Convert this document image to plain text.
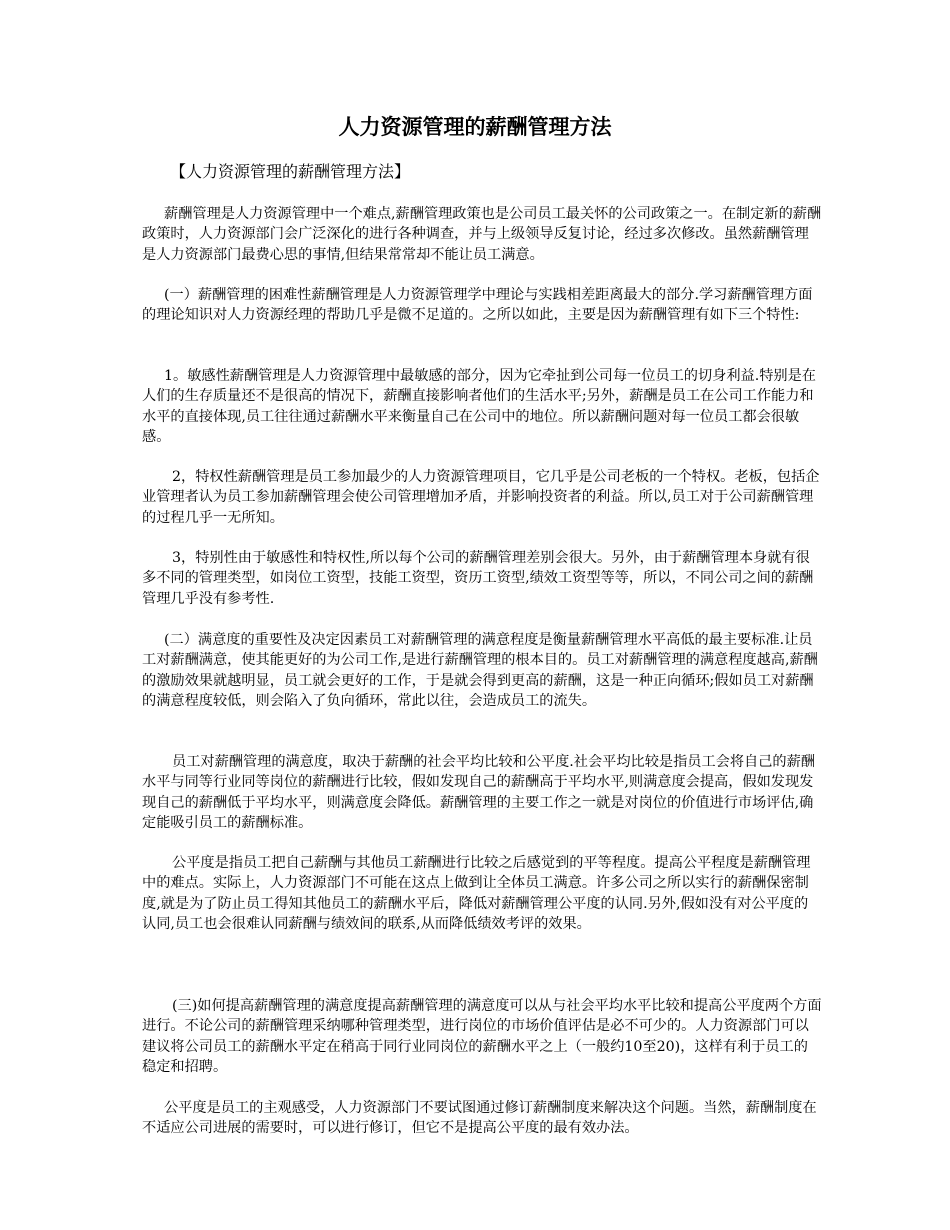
人力资源管理的薪酬管理方法

【人力资源管理的薪酬管理方法】

薪酬管理是人力资源管理中一个难点,薪酬管理政策也是公司员工最关怀的公司政策之一。在制定新的薪酬政策时，人力资源部门会广泛深化的进行各种调查，并与上级领导反复讨论，经过多次修改。虽然薪酬管理是人力资源部门最费心思的事情,但结果常常却不能让员工满意。

(一）薪酬管理的困难性薪酬管理是人力资源管理学中理论与实践相差距离最大的部分.学习薪酬管理方面的理论知识对人力资源经理的帮助几乎是微不足道的。之所以如此，主要是因为薪酬管理有如下三个特性:

1。敏感性薪酬管理是人力资源管理中最敏感的部分，因为它牵扯到公司每一位员工的切身利益.特别是在人们的生存质量还不是很高的情况下，薪酬直接影响者他们的生活水平;另外，薪酬是员工在公司工作能力和水平的直接体现,员工往往通过薪酬水平来衡量自己在公司中的地位。所以薪酬问题对每一位员工都会很敏感。

2，特权性薪酬管理是员工参加最少的人力资源管理项目，它几乎是公司老板的一个特权。老板，包括企业管理者认为员工参加薪酬管理会使公司管理增加矛盾，并影响投资者的利益。所以,员工对于公司薪酬管理的过程几乎一无所知。

3，特别性由于敏感性和特权性,所以每个公司的薪酬管理差别会很大。另外，由于薪酬管理本身就有很多不同的管理类型，如岗位工资型，技能工资型，资历工资型,绩效工资型等等，所以，不同公司之间的薪酬管理几乎没有参考性.

(二）满意度的重要性及决定因素员工对薪酬管理的满意程度是衡量薪酬管理水平高低的最主要标准.让员工对薪酬满意，使其能更好的为公司工作,是进行薪酬管理的根本目的。员工对薪酬管理的满意程度越高,薪酬的激励效果就越明显，员工就会更好的工作，于是就会得到更高的薪酬，这是一种正向循环;假如员工对薪酬的满意程度较低，则会陷入了负向循环，常此以往，会造成员工的流失。

员工对薪酬管理的满意度，取决于薪酬的社会平均比较和公平度.社会平均比较是指员工会将自己的薪酬水平与同等行业同等岗位的薪酬进行比较，假如发现自己的薪酬高于平均水平,则满意度会提高，假如发现发现自己的薪酬低于平均水平，则满意度会降低。薪酬管理的主要工作之一就是对岗位的价值进行市场评估,确定能吸引员工的薪酬标准。

公平度是指员工把自己薪酬与其他员工薪酬进行比较之后感觉到的平等程度。提高公平程度是薪酬管理中的难点。实际上，人力资源部门不可能在这点上做到让全体员工满意。许多公司之所以实行的薪酬保密制度,就是为了防止员工得知其他员工的薪酬水平后，降低对薪酬管理公平度的认同.另外,假如没有对公平度的认同,员工也会很难认同薪酬与绩效间的联系,从而降低绩效考评的效果。

(三)如何提高薪酬管理的满意度提高薪酬管理的满意度可以从与社会平均水平比较和提高公平度两个方面进行。不论公司的薪酬管理采纳哪种管理类型，进行岗位的市场价值评估是必不可少的。人力资源部门可以建议将公司员工的薪酬水平定在稍高于同行业同岗位的薪酬水平之上（一般约10至20)，这样有利于员工的稳定和招聘。

公平度是员工的主观感受，人力资源部门不要试图通过修订薪酬制度来解决这个问题。当然，薪酬制度在不适应公司进展的需要时，可以进行修订，但它不是提高公平度的最有效办法。
